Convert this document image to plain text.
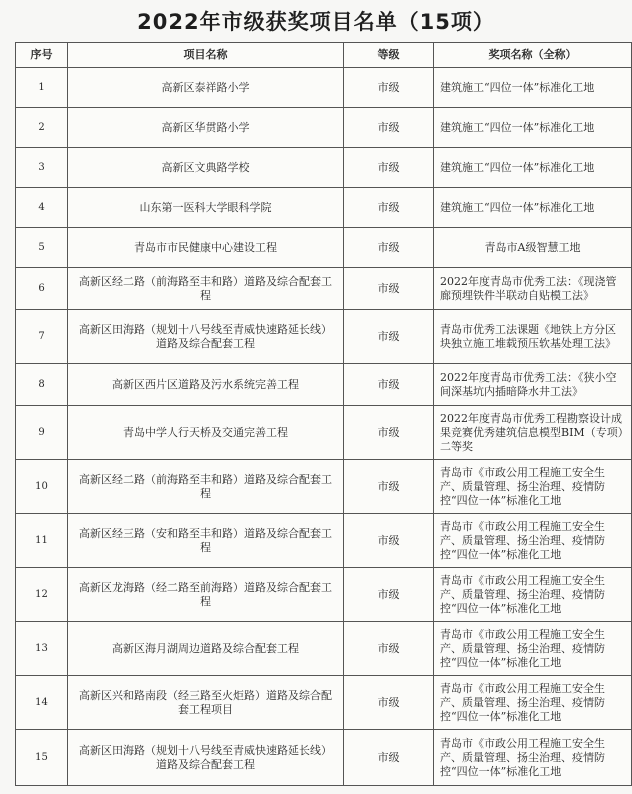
2022年市级获奖项目名单（15项）
序号	项目名称	等级	奖项名称（全称）
1	高新区泰祥路小学	市级	建筑施工“四位一体”标准化工地
2	高新区华贯路小学	市级	建筑施工“四位一体”标准化工地
3	高新区文典路学校	市级	建筑施工“四位一体”标准化工地
4	山东第一医科大学眼科学院	市级	建筑施工“四位一体”标准化工地
5	青岛市市民健康中心建设工程	市级	青岛市A级智慧工地
6	高新区经二路（前海路至丰和路）道路及综合配套工程	市级	2022年度青岛市优秀工法：《现浇管廊预埋铁件半联动自贴模工法》
7	高新区田海路（规划十八号线至青威快速路延长线）道路及综合配套工程	市级	青岛市优秀工法课题《地铁上方分区块独立施工堆载预压软基处理工法》
8	高新区西片区道路及污水系统完善工程	市级	2022年度青岛市优秀工法：《狭小空间深基坑内插暗降水井工法》
9	青岛中学人行天桥及交通完善工程	市级	2022年度青岛市优秀工程勘察设计成果竞赛优秀建筑信息模型BIM（专项）二等奖
10	高新区经二路（前海路至丰和路）道路及综合配套工程	市级	青岛市《市政公用工程施工安全生产、质量管理、扬尘治理、疫情防控“四位一体”标准化工地
11	高新区经三路（安和路至丰和路）道路及综合配套工程	市级	青岛市《市政公用工程施工安全生产、质量管理、扬尘治理、疫情防控“四位一体”标准化工地
12	高新区龙海路（经二路至前海路）道路及综合配套工程	市级	青岛市《市政公用工程施工安全生产、质量管理、扬尘治理、疫情防控“四位一体”标准化工地
13	高新区海月湖周边道路及综合配套工程	市级	青岛市《市政公用工程施工安全生产、质量管理、扬尘治理、疫情防控“四位一体”标准化工地
14	高新区兴和路南段（经三路至火炬路）道路及综合配套工程项目	市级	青岛市《市政公用工程施工安全生产、质量管理、扬尘治理、疫情防控“四位一体”标准化工地
15	高新区田海路（规划十八号线至青威快速路延长线）道路及综合配套工程	市级	青岛市《市政公用工程施工安全生产、质量管理、扬尘治理、疫情防控“四位一体”标准化工地
